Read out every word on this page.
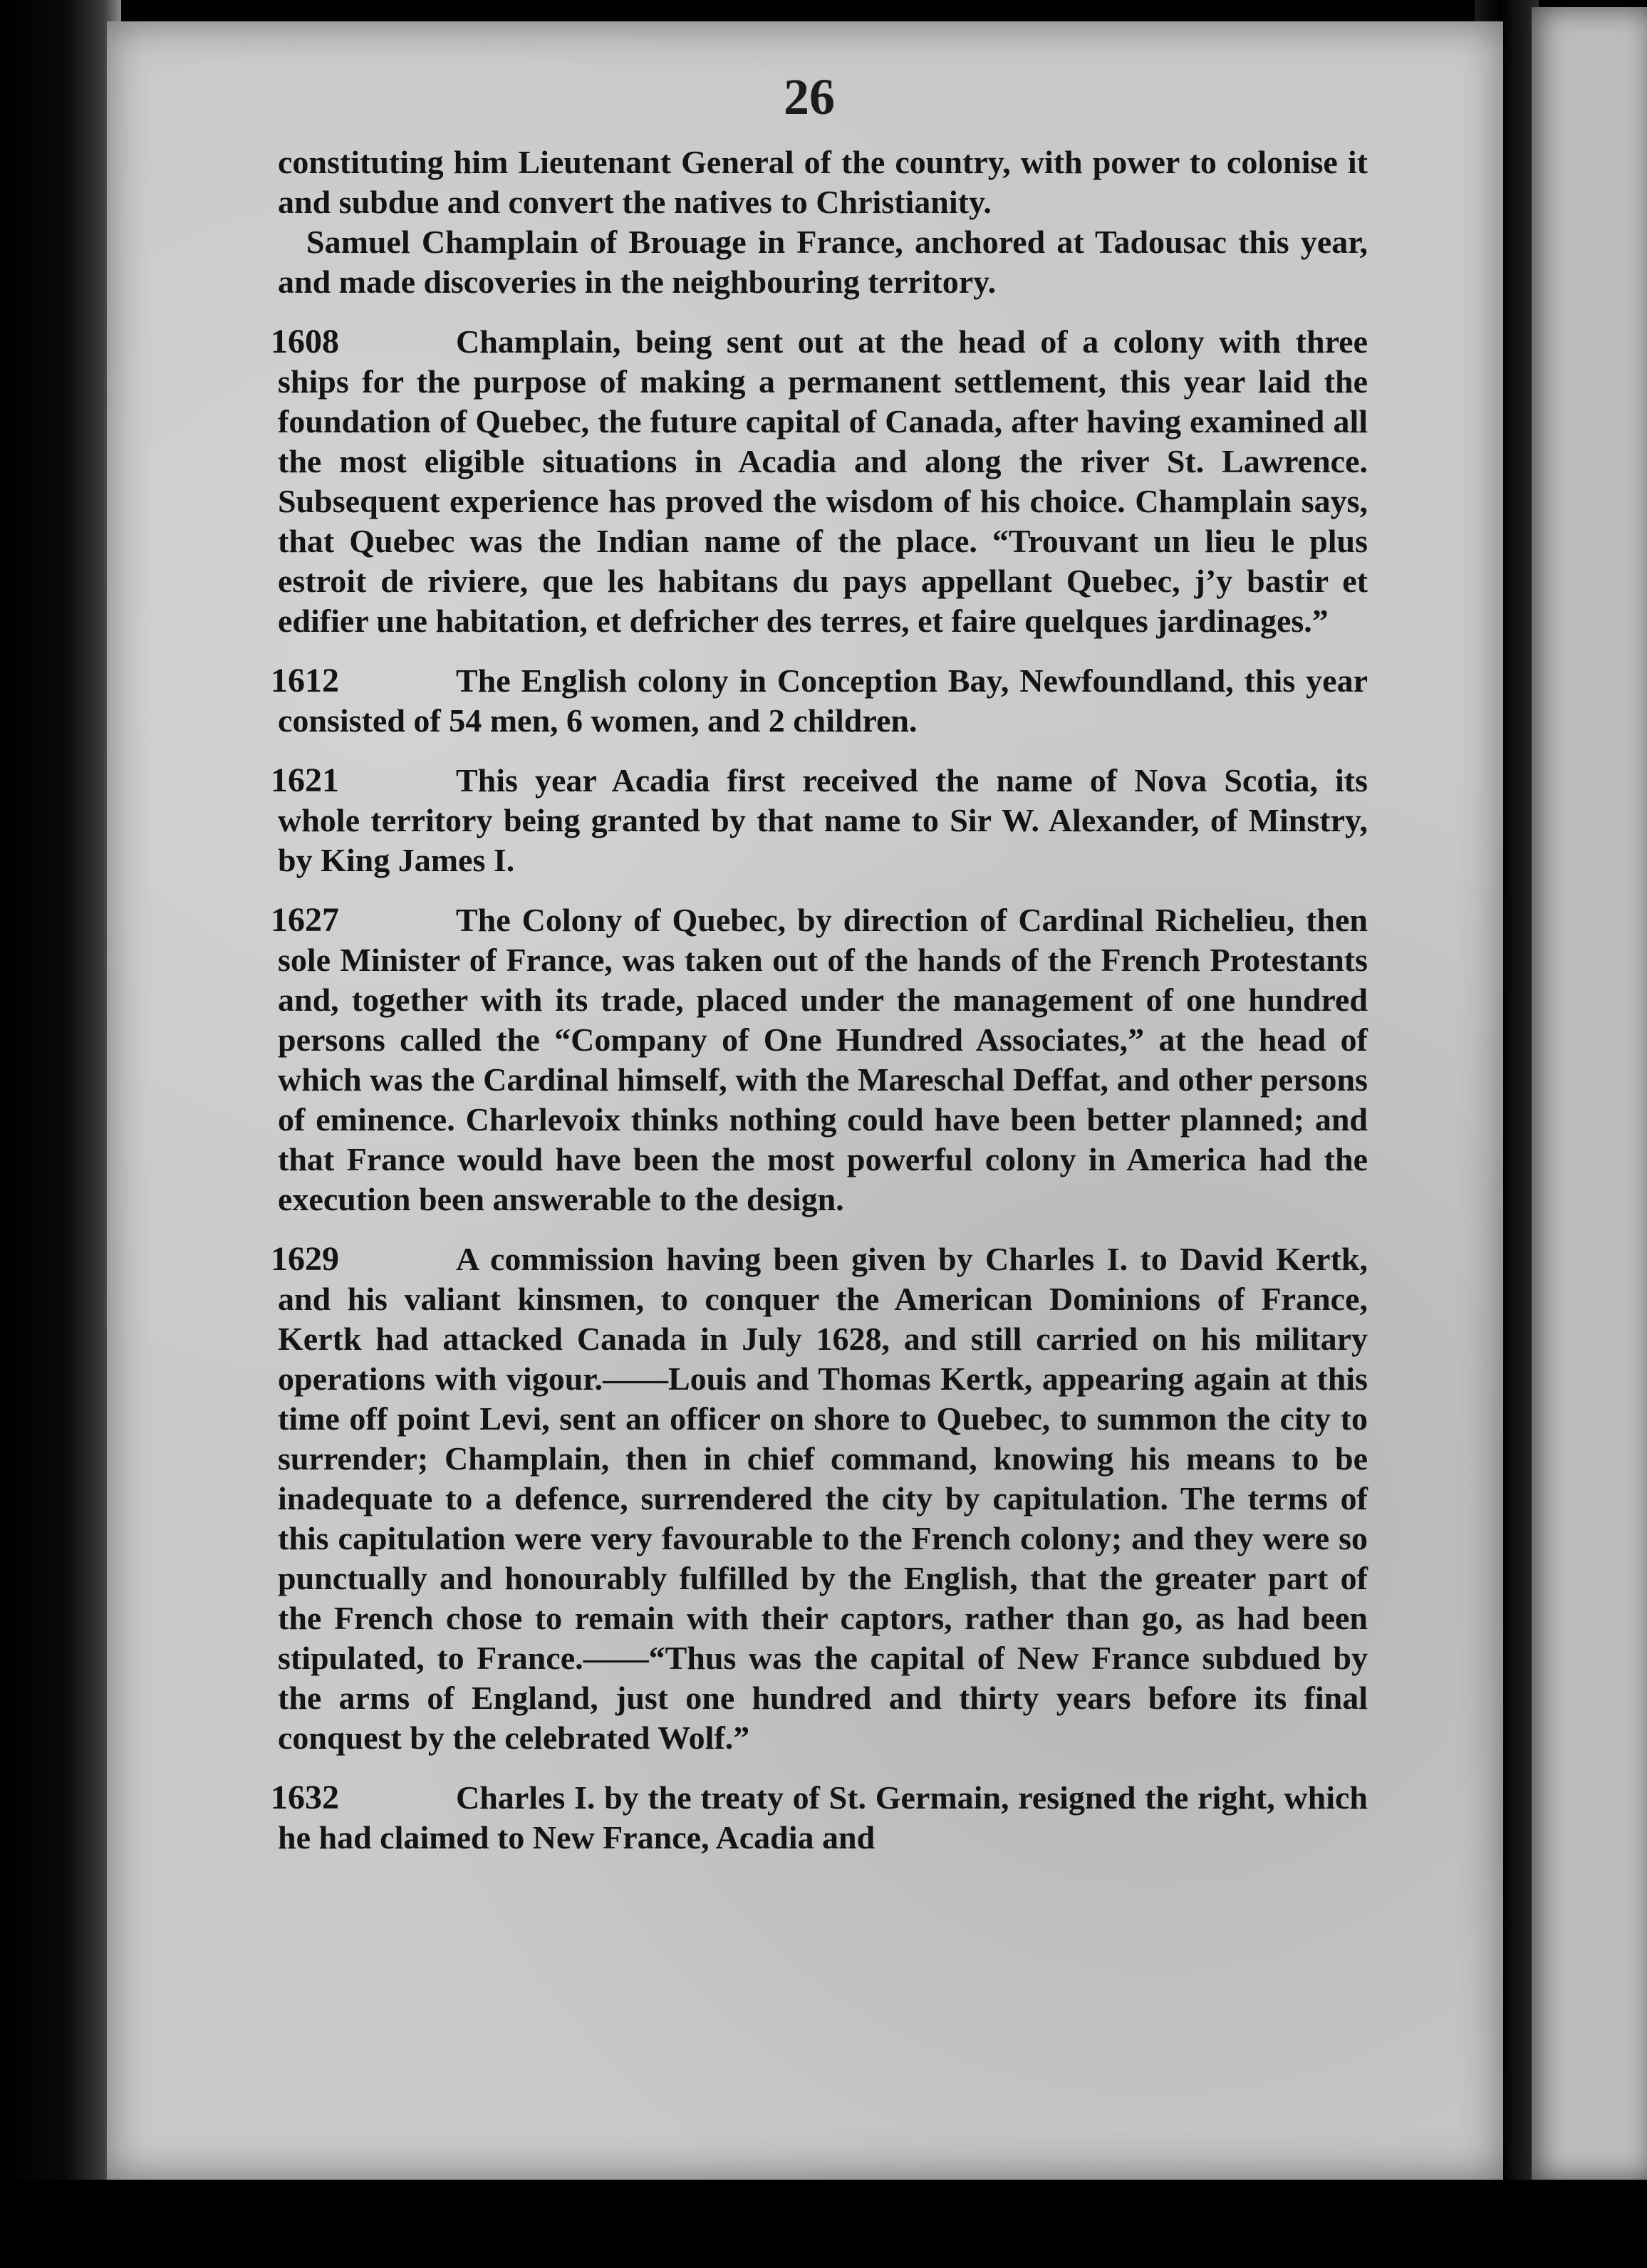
26

constituting him Lieutenant General of the country, with power to colonise it and subdue and convert the natives to Christianity.

Samuel Champlain of Brouage in France, anchored at Tadousac this year, and made discoveries in the neighbouring territory.

1608	Champlain, being sent out at the head of a colony with three ships for the purpose of making a permanent settlement, this year laid the foundation of Quebec, the future capital of Canada, after having examined all the most eligible situations in Acadia and along the river St. Lawrence. Subsequent experience has proved the wisdom of his choice. Champlain says, that Quebec was the Indian name of the place. “Trouvant un lieu le plus estroit de riviere, que les habitans du pays appellant Quebec, j’y bastir et edifier une habitation, et defricher des terres, et faire quelques jardinages.”
1612	The English colony in Conception Bay, Newfoundland, this year consisted of 54 men, 6 women, and 2 children.
1621	This year Acadia first received the name of Nova Scotia, its whole territory being granted by that name to Sir W. Alexander, of Minstry, by King James I.
1627	The Colony of Quebec, by direction of Cardinal Richelieu, then sole Minister of France, was taken out of the hands of the French Protestants and, together with its trade, placed under the management of one hundred persons called the “Company of One Hundred Associates,” at the head of which was the Cardinal himself, with the Mareschal Deffat, and other persons of eminence. Charlevoix thinks nothing could have been better planned; and that France would have been the most powerful colony in America had the execution been answerable to the design.
1629	A commission having been given by Charles I. to David Kertk, and his valiant kinsmen, to conquer the American Dominions of France, Kertk had attacked Canada in July 1628, and still carried on his military operations with vigour.——Louis and Thomas Kertk, appearing again at this time off point Levi, sent an officer on shore to Quebec, to summon the city to surrender; Champlain, then in chief command, knowing his means to be inadequate to a defence, surrendered the city by capitulation. The terms of this capitulation were very favourable to the French colony; and they were so punctually and honourably fulfilled by the English, that the greater part of the French chose to remain with their captors, rather than go, as had been stipulated, to France.——“Thus was the capital of New France subdued by the arms of England, just one hundred and thirty years before its final conquest by the celebrated Wolf.”
1632	Charles I. by the treaty of St. Germain, resigned the right, which he had claimed to New France, Acadia and
